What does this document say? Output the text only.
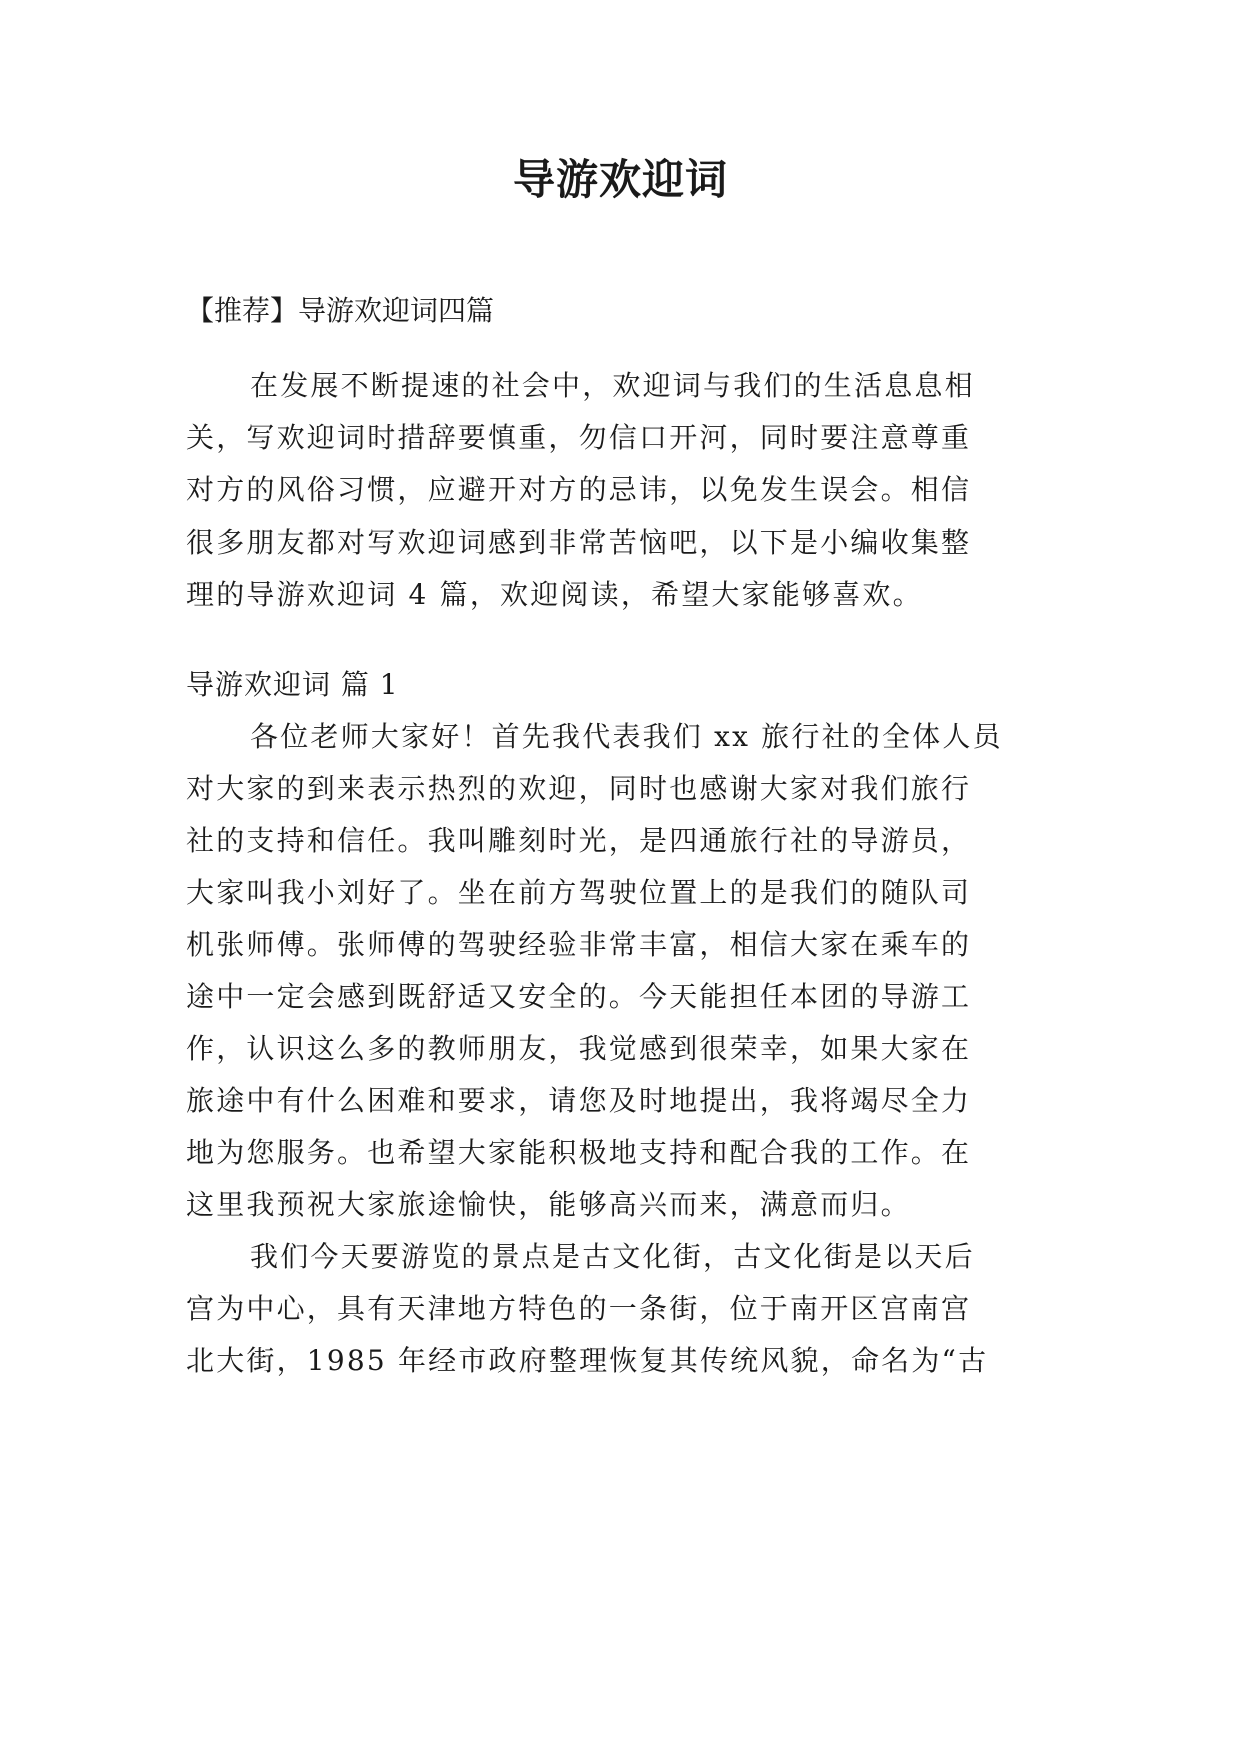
导游欢迎词

【推荐】导游欢迎词四篇

在发展不断提速的社会中，欢迎词与我们的生活息息相

关，写欢迎词时措辞要慎重，勿信口开河，同时要注意尊重

对方的风俗习惯，应避开对方的忌讳，以免发生误会。相信

很多朋友都对写欢迎词感到非常苦恼吧，以下是小编收集整

理的导游欢迎词 4 篇，欢迎阅读，希望大家能够喜欢。

导游欢迎词 篇 1

各位老师大家好！首先我代表我们 xx 旅行社的全体人员

对大家的到来表示热烈的欢迎，同时也感谢大家对我们旅行

社的支持和信任。我叫雕刻时光，是四通旅行社的导游员，

大家叫我小刘好了。坐在前方驾驶位置上的是我们的随队司

机张师傅。张师傅的驾驶经验非常丰富，相信大家在乘车的

途中一定会感到既舒适又安全的。今天能担任本团的导游工

作，认识这么多的教师朋友，我觉感到很荣幸，如果大家在

旅途中有什么困难和要求，请您及时地提出，我将竭尽全力

地为您服务。也希望大家能积极地支持和配合我的工作。在

这里我预祝大家旅途愉快，能够高兴而来，满意而归。

我们今天要游览的景点是古文化街，古文化街是以天后

宫为中心，具有天津地方特色的一条街，位于南开区宫南宫

北大街，1985 年经市政府整理恢复其传统风貌，命名为“古
